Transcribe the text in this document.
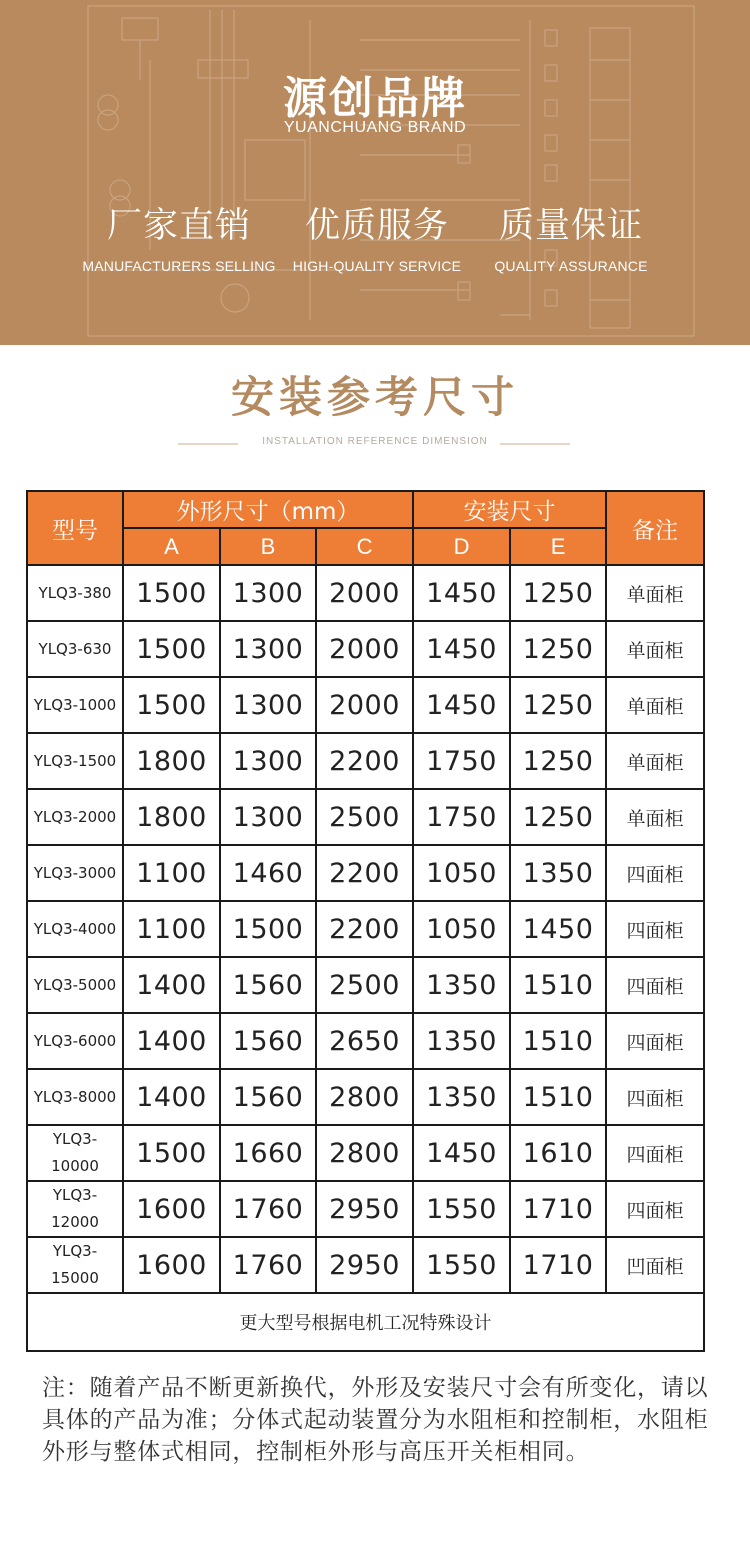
源创品牌
YUANCHUANG BRAND
厂家直销
MANUFACTURERS SELLING
优质服务
HIGH-QUALITY SERVICE
质量保证
QUALITY ASSURANCE
安装参考尺寸
INSTALLATION REFERENCE DIMENSION
型号	外形尺寸（mm）			安装尺寸		备注
	A	B	C	D	E	

YLQ3-380	1500	1300	2000	1450	1250	单面柜

YLQ3-630	1500	1300	2000	1450	1250	单面柜

YLQ3-1000	1500	1300	2000	1450	1250	单面柜

YLQ3-1500	1800	1300	2200	1750	1250	单面柜

YLQ3-2000	1800	1300	2500	1750	1250	单面柜

YLQ3-3000	1100	1460	2200	1050	1350	四面柜

YLQ3-4000	1100	1500	2200	1050	1450	四面柜

YLQ3-5000	1400	1560	2500	1350	1510	四面柜

YLQ3-6000	1400	1560	2650	1350	1510	四面柜

YLQ3-8000	1400	1560	2800	1350	1510	四面柜

YLQ3-
10000	1500	1660	2800	1450	1610	四面柜

YLQ3-
12000	1600	1760	2950	1550	1710	四面柜

YLQ3-
15000	1600	1760	2950	1550	1710	凹面柜
更大型号根据电机工况特殊设计						
注：随着产品不断更新换代，外形及安装尺寸会有所变化，请以具体的产品为准；分体式起动装置分为水阻柜和控制柜，水阻柜外形与整体式相同，控制柜外形与高压开关柜相同。
